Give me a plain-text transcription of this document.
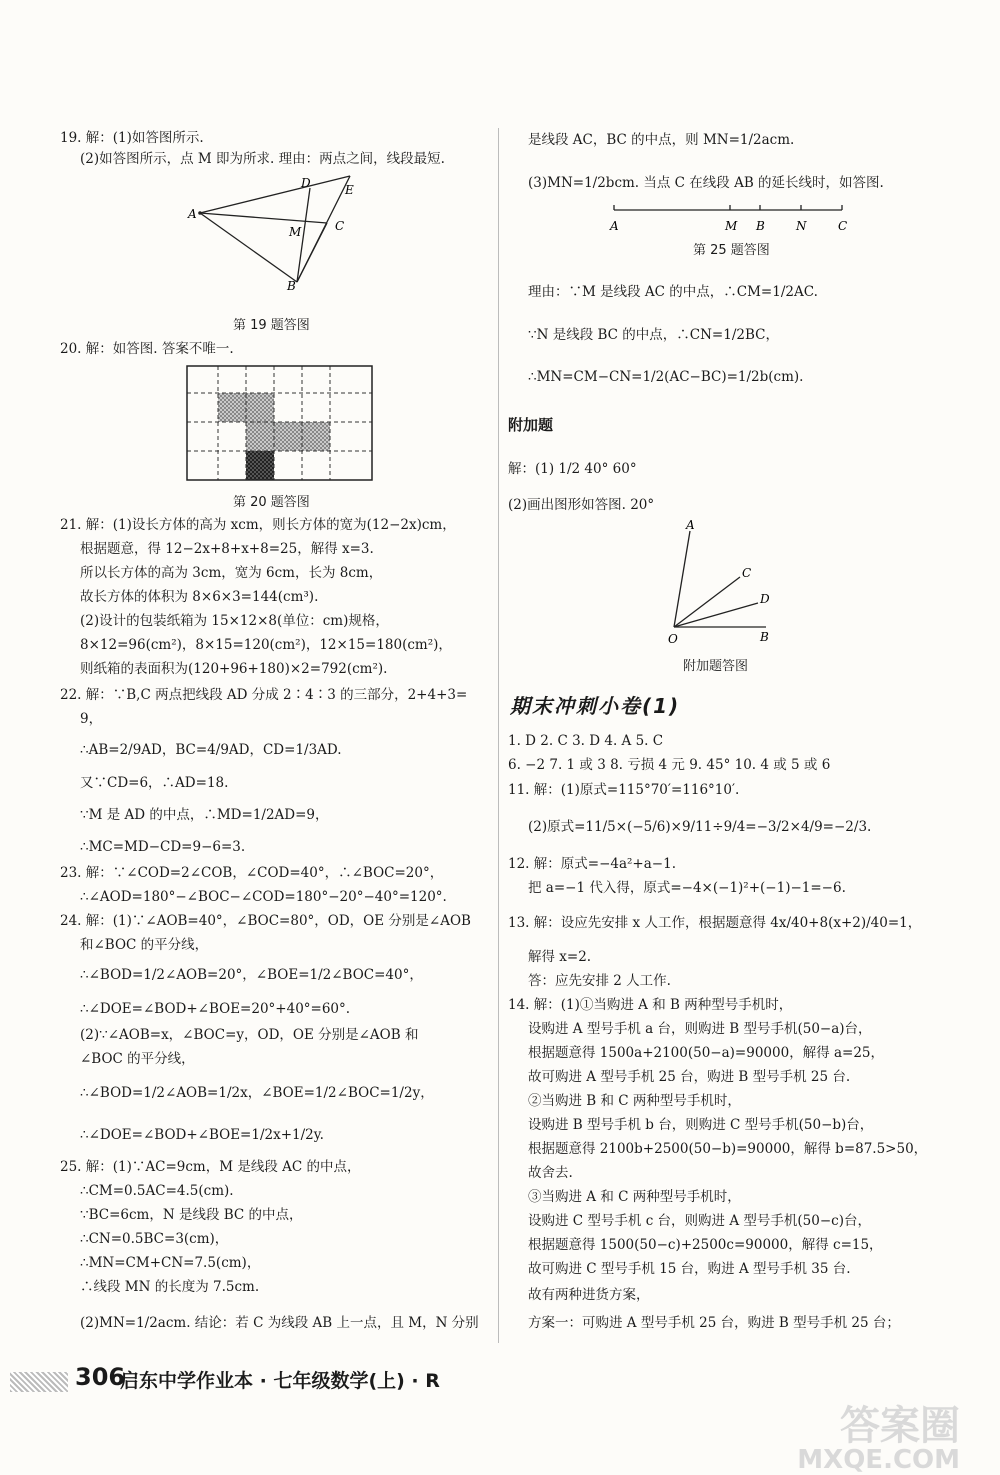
19. 解：(1)如答图所示.
(2)如答图所示，点 M 即为所求. 理由：两点之间，线段最短.
A
B
C
D	E
M
第 19 题答图
20. 解：如答图. 答案不唯一.
第 20 题答图
21. 解：(1)设长方体的高为 xcm，则长方体的宽为(12−2x)cm，
根据题意，得 12−2x+8+x+8=25，解得 x=3.
所以长方体的高为 3cm，宽为 6cm，长为 8cm，
故长方体的体积为 8×6×3=144(cm³).
(2)设计的包装纸箱为 15×12×8(单位：cm)规格，
8×12=96(cm²)，8×15=120(cm²)，12×15=180(cm²)，
则纸箱的表面积为(120+96+180)×2=792(cm²).
22. 解：∵B,C 两点把线段 AD 分成 2∶4∶3 的三部分，2+4+3=
9，
∴AB=2/9AD，BC=4/9AD，CD=1/3AD.
又∵CD=6，∴AD=18.
∵M 是 AD 的中点，∴MD=1/2AD=9，
∴MC=MD−CD=9−6=3.
23. 解：∵∠COD=2∠COB，∠COD=40°，∴∠BOC=20°，
∴∠AOD=180°−∠BOC−∠COD=180°−20°−40°=120°.
24. 解：(1)∵∠AOB=40°，∠BOC=80°，OD，OE 分别是∠AOB
和∠BOC 的平分线，
∴∠BOD=1/2∠AOB=20°，∠BOE=1/2∠BOC=40°，
∴∠DOE=∠BOD+∠BOE=20°+40°=60°.
(2)∵∠AOB=x，∠BOC=y，OD，OE 分别是∠AOB 和
∠BOC 的平分线，
∴∠BOD=1/2∠AOB=1/2x，∠BOE=1/2∠BOC=1/2y，
∴∠DOE=∠BOD+∠BOE=1/2x+1/2y.
25. 解：(1)∵AC=9cm，M 是线段 AC 的中点，
∴CM=0.5AC=4.5(cm).
∵BC=6cm，N 是线段 BC 的中点，
∴CN=0.5BC=3(cm)，
∴MN=CM+CN=7.5(cm)，
∴线段 MN 的长度为 7.5cm.
(2)MN=1/2acm. 结论：若 C 为线段 AB 上一点，且 M，N 分别
是线段 AC，BC 的中点，则 MN=1/2acm.
(3)MN=1/2bcm. 当点 C 在线段 AB 的延长线时，如答图.
A	M B	N	C
第 25 题答图
理由：∵M 是线段 AC 的中点，∴CM=1/2AC.
∵N 是线段 BC 的中点，∴CN=1/2BC，
∴MN=CM−CN=1/2(AC−BC)=1/2b(cm).
附加题
解：(1) 1/2 40° 60°
(2)画出图形如答图. 20°
A
C
D
O	B
附加题答图
期末冲刺小卷(1)
1. D 2. C 3. D 4. A 5. C
6. −2 7. 1 或 3 8. 亏损 4 元 9. 45° 10. 4 或 5 或 6
11. 解：(1)原式=115°70′=116°10′.
(2)原式=11/5×(−5/6)×9/11÷9/4=−3/2×4/9=−2/3.
12. 解：原式=−4a²+a−1.
把 a=−1 代入得，原式=−4×(−1)²+(−1)−1=−6.
13. 解：设应先安排 x 人工作，根据题意得 4x/40+8(x+2)/40=1，
解得 x=2.
答：应先安排 2 人工作.
14. 解：(1)①当购进 A 和 B 两种型号手机时，
设购进 A 型号手机 a 台，则购进 B 型号手机(50−a)台，
根据题意得 1500a+2100(50−a)=90000，解得 a=25，
故可购进 A 型号手机 25 台，购进 B 型号手机 25 台.
②当购进 B 和 C 两种型号手机时，
设购进 B 型号手机 b 台，则购进 C 型号手机(50−b)台，
根据题意得 2100b+2500(50−b)=90000，解得 b=87.5>50，
故舍去.
③当购进 A 和 C 两种型号手机时，
设购进 C 型号手机 c 台，则购进 A 型号手机(50−c)台，
根据题意得 1500(50−c)+2500c=90000，解得 c=15，
故可购进 C 型号手机 15 台，购进 A 型号手机 35 台.
故有两种进货方案，
方案一：可购进 A 型号手机 25 台，购进 B 型号手机 25 台；
306
启东中学作业本 · 七年级数学(上) · R
答案圈
MXQE.COM
